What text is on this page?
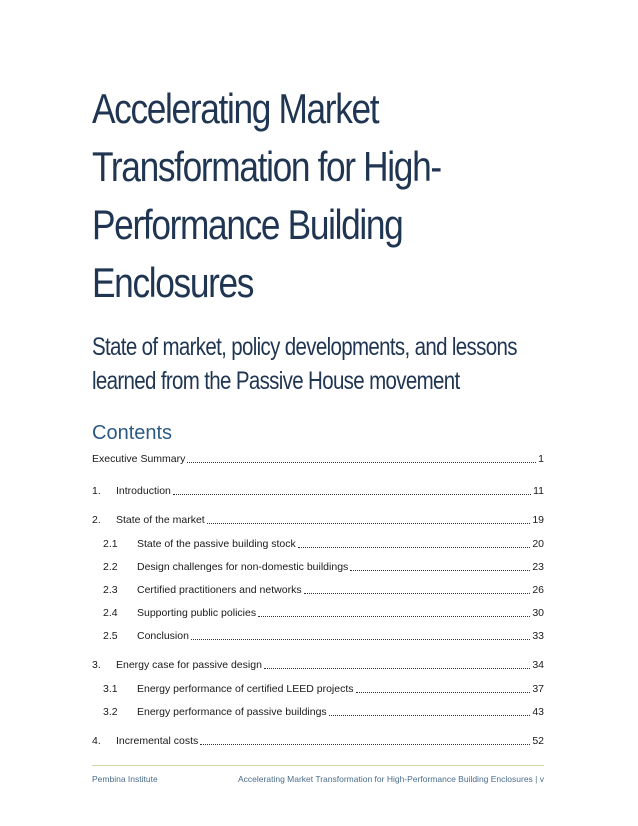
Accelerating Market
Transformation for High-
Performance Building
Enclosures
State of market, policy developments, and lessons
learned from the Passive House movement
Contents
Executive Summary	1
1.	Introduction	11
2.	State of the market	19
2.1	State of the passive building stock	20
2.2	Design challenges for non-domestic buildings	23
2.3	Certified practitioners and networks	26
2.4	Supporting public policies	30
2.5	Conclusion	33
3.	Energy case for passive design	34
3.1	Energy performance of certified LEED projects	37
3.2	Energy performance of passive buildings	43
4.	Incremental costs	52
Pembina Institute	Accelerating Market Transformation for High-Performance Building Enclosures | v
